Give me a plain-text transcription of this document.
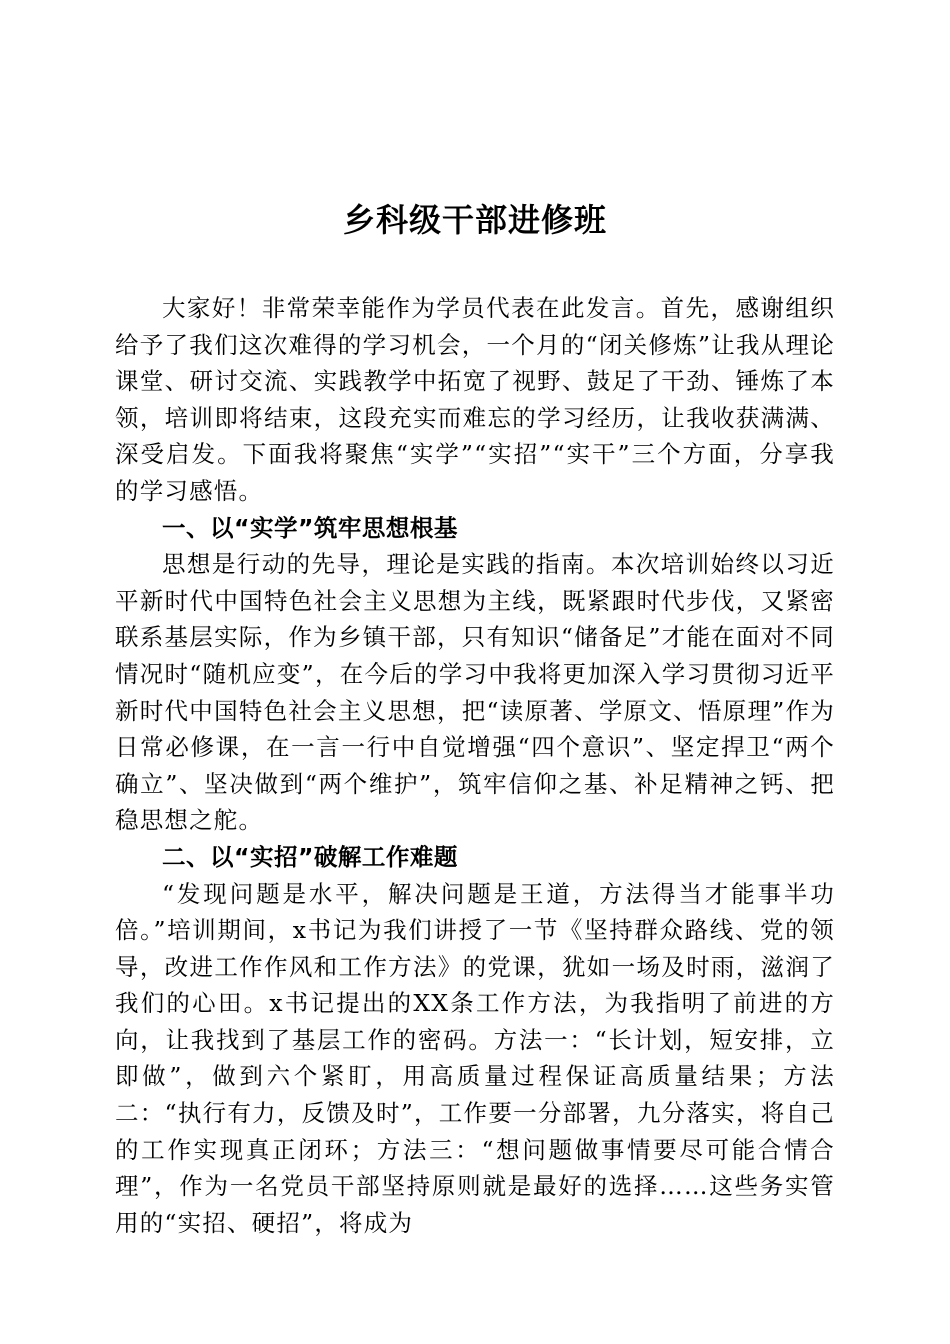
乡科级干部进修班

大家好！非常荣幸能作为学员代表在此发言。首先，感谢组织给予了我们这次难得的学习机会，一个月的“闭关修炼”让我从理论课堂、研讨交流、实践教学中拓宽了视野、鼓足了干劲、锤炼了本领，培训即将结束，这段充实而难忘的学习经历，让我收获满满、深受启发。下面我将聚焦“实学”“实招”“实干”三个方面，分享我的学习感悟。

一、以“实学”筑牢思想根基

思想是行动的先导，理论是实践的指南。本次培训始终以习近平新时代中国特色社会主义思想为主线，既紧跟时代步伐，又紧密联系基层实际，作为乡镇干部，只有知识“储备足”才能在面对不同情况时“随机应变”，在今后的学习中我将更加深入学习贯彻习近平新时代中国特色社会主义思想，把“读原著、学原文、悟原理”作为日常必修课，在一言一行中自觉增强“四个意识”、坚定捍卫“两个确立”、坚决做到“两个维护”，筑牢信仰之基、补足精神之钙、把稳思想之舵。

二、以“实招”破解工作难题

“发现问题是水平，解决问题是王道，方法得当才能事半功倍。”培训期间，x书记为我们讲授了一节《坚持群众路线、党的领导，改进工作作风和工作方法》的党课，犹如一场及时雨，滋润了我们的心田。x书记提出的XX条工作方法，为我指明了前进的方向，让我找到了基层工作的密码。方法一：“长计划，短安排，立即做”，做到六个紧盯，用高质量过程保证高质量结果；方法二：“执行有力，反馈及时”，工作要一分部署，九分落实，将自己的工作实现真正闭环；方法三：“想问题做事情要尽可能合情合理”，作为一名党员干部坚持原则就是最好的选择……这些务实管用的“实招、硬招”，将成为
